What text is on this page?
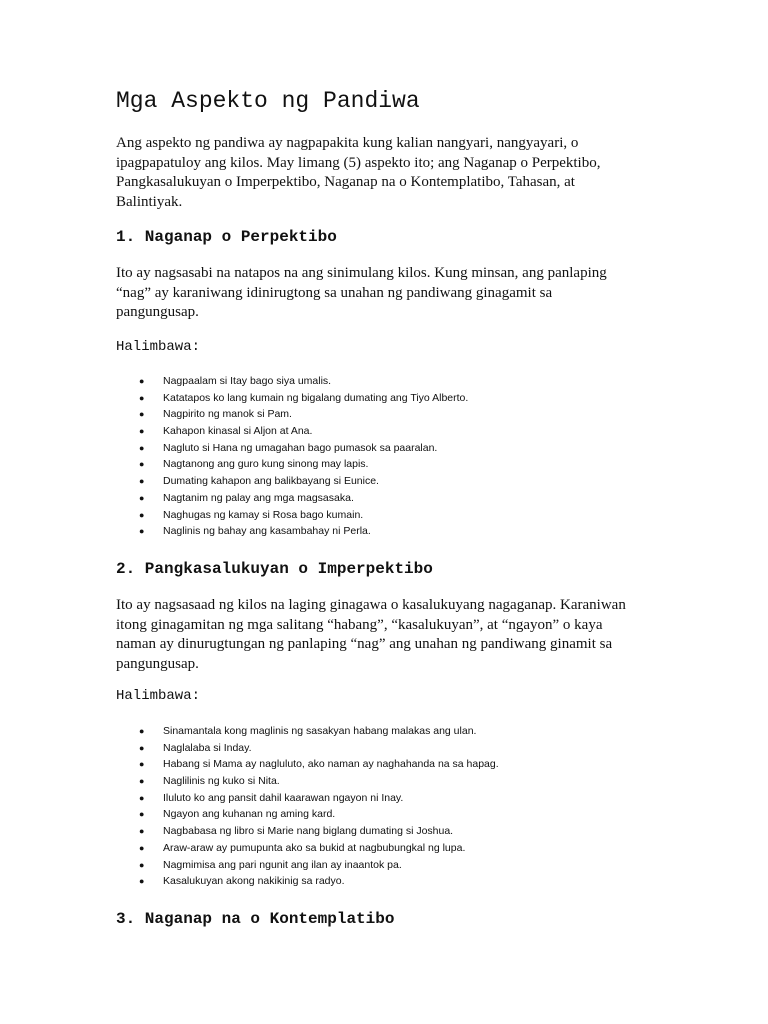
Mga Aspekto ng Pandiwa

Ang aspekto ng pandiwa ay nagpapakita kung kalian nangyari, nangyayari, o
ipagpapatuloy ang kilos. May limang (5) aspekto ito; ang Naganap o Perpektibo,
Pangkasalukuyan o Imperpektibo, Naganap na o Kontemplatibo, Tahasan, at
Balintiyak.

1. Naganap o Perpektibo

Ito ay nagsasabi na natapos na ang sinimulang kilos. Kung minsan, ang panlaping
“nag” ay karaniwang idinirugtong sa unahan ng pandiwang ginagamit sa
pangungusap.

Halimbawa:

● Nagpaalam si Itay bago siya umalis.
● Katatapos ko lang kumain ng bigalang dumating ang Tiyo Alberto.
● Nagpirito ng manok si Pam.
● Kahapon kinasal si Aljon at Ana.
● Nagluto si Hana ng umagahan bago pumasok sa paaralan.
● Nagtanong ang guro kung sinong may lapis.
● Dumating kahapon ang balikbayang si Eunice.
● Nagtanim ng palay ang mga magsasaka.
● Naghugas ng kamay si Rosa bago kumain.
● Naglinis ng bahay ang kasambahay ni Perla.
2. Pangkasalukuyan o Imperpektibo

Ito ay nagsasaad ng kilos na laging ginagawa o kasalukuyang nagaganap. Karaniwan
itong ginagamitan ng mga salitang “habang”, “kasalukuyan”, at “ngayon” o kaya
naman ay dinurugtungan ng panlaping “nag” ang unahan ng pandiwang ginamit sa
pangungusap.

Halimbawa:

● Sinamantala kong maglinis ng sasakyan habang malakas ang ulan.
● Naglalaba si Inday.
● Habang si Mama ay nagluluto, ako naman ay naghahanda na sa hapag.
● Naglilinis ng kuko si Nita.
● Iluluto ko ang pansit dahil kaarawan ngayon ni Inay.
● Ngayon ang kuhanan ng aming kard.
● Nagbabasa ng libro si Marie nang biglang dumating si Joshua.
● Araw-araw ay pumupunta ako sa bukid at nagbubungkal ng lupa.
● Nagmimisa ang pari ngunit ang ilan ay inaantok pa.
● Kasalukuyan akong nakikinig sa radyo.
3. Naganap na o Kontemplatibo
